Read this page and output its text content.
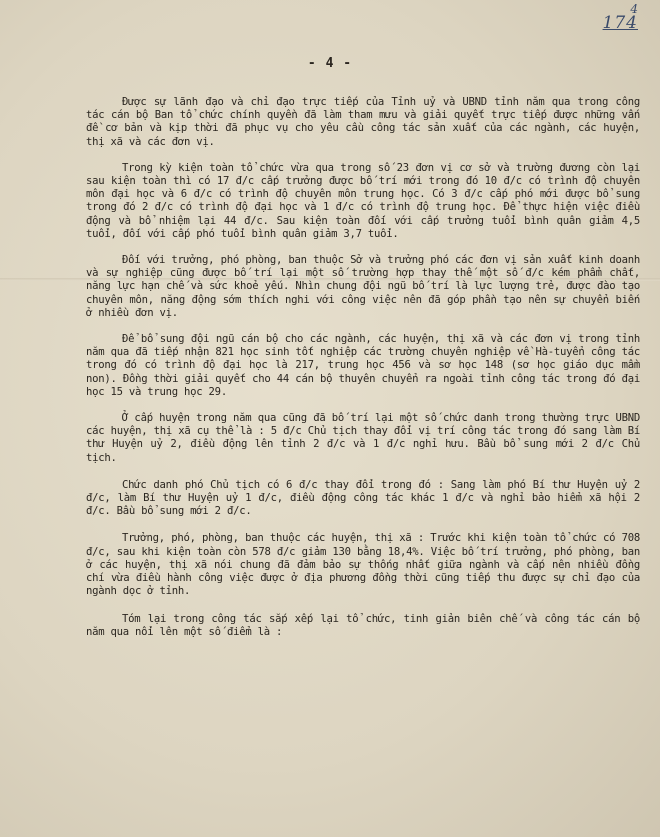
4
174
- 4 -

Được sự lãnh đạo và chỉ đạo trực tiếp của Tỉnh uỷ và UBND tỉnh năm qua trong công tác cán bộ Ban tổ chức chính quyền đã làm tham mưu và giải quyết trực tiếp được những vấn đề cơ bản và kịp thời đã phục vụ cho yêu cầu công tác sản xuất của các ngành, các huyện, thị xã và các đơn vị.

Trong kỳ kiện toàn tổ chức vừa qua trong số 23 đơn vị cơ sở và trường đương còn lại sau kiện toàn thì có 17 đ/c cấp trưởng được bố trí mới trong đó 10 đ/c có trình độ chuyên môn đại học và 6 đ/c có trình độ chuyên môn trung học. Có 3 đ/c cấp phó mới được bổ sung trong đó 2 đ/c có trình độ đại học và 1 đ/c có trình độ trung học. Để thực hiện việc điều động và bổ nhiệm lại 44 đ/c. Sau kiện toàn đối với cấp trưởng tuổi bình quân giảm 4,5 tuổi, đối với cấp phó tuổi bình quân giảm 3,7 tuổi.

Đối với trưởng, phó phòng, ban thuộc Sở và trưởng phó các đơn vị sản xuất kinh doanh và sự nghiệp cũng được bố trí lại một số trường hợp thay thế một số đ/c kém phẩm chất, năng lực hạn chế và sức khoẻ yếu. Nhìn chung đội ngũ bố trí là lực lượng trẻ, được đào tạo chuyên môn, năng động sớm thích nghi với công việc nên đã góp phần tạo nên sự chuyển biến ở nhiều đơn vị.

Để bổ sung đội ngũ cán bộ cho các ngành, các huyện, thị xã và các đơn vị trong tỉnh năm qua đã tiếp nhận 821 học sinh tốt nghiệp các trường chuyên nghiệp về Hà-tuyển công tác trong đó có trình độ đại học là 217, trung học 456 và sơ học 148 (sơ học giáo dục mầm non). Đồng thời giải quyết cho 44 cán bộ thuyên chuyển ra ngoài tỉnh công tác trong đó đại học 15 và trung học 29.

Ở cấp huyện trong năm qua cũng đã bố trí lại một số chức danh trong thường trực UBND các huyện, thị xã cụ thể là : 5 đ/c Chủ tịch thay đổi vị trí công tác trong đó sang làm Bí thư Huyện uỷ 2, điều động lên tỉnh 2 đ/c và 1 đ/c nghỉ hưu. Bầu bổ sung mới 2 đ/c Chủ tịch.

Chức danh phó Chủ tịch có 6 đ/c thay đổi trong đó : Sang làm phó Bí thư Huyện uỷ 2 đ/c, làm Bí thư Huyện uỷ 1 đ/c, điều động công tác khác 1 đ/c và nghỉ bảo hiểm xã hội 2 đ/c. Bầu bổ sung mới 2 đ/c.

Trưởng, phó, phòng, ban thuộc các huyện, thị xã : Trước khi kiện toàn tổ chức có 708 đ/c, sau khi kiện toàn còn 578 đ/c giảm 130 bằng 18,4%. Việc bố trí trưởng, phó phòng, ban ở các huyện, thị xã nói chung đã đảm bảo sự thống nhất giữa ngành và cấp nên nhiều đồng chí vừa điều hành công việc được ở địa phương đồng thời cũng tiếp thu được sự chỉ đạo của ngành dọc ở tỉnh.

Tóm lại trong công tác sắp xếp lại tổ chức, tinh giản biên chế và công tác cán bộ năm qua nổi lên một số điểm là :
